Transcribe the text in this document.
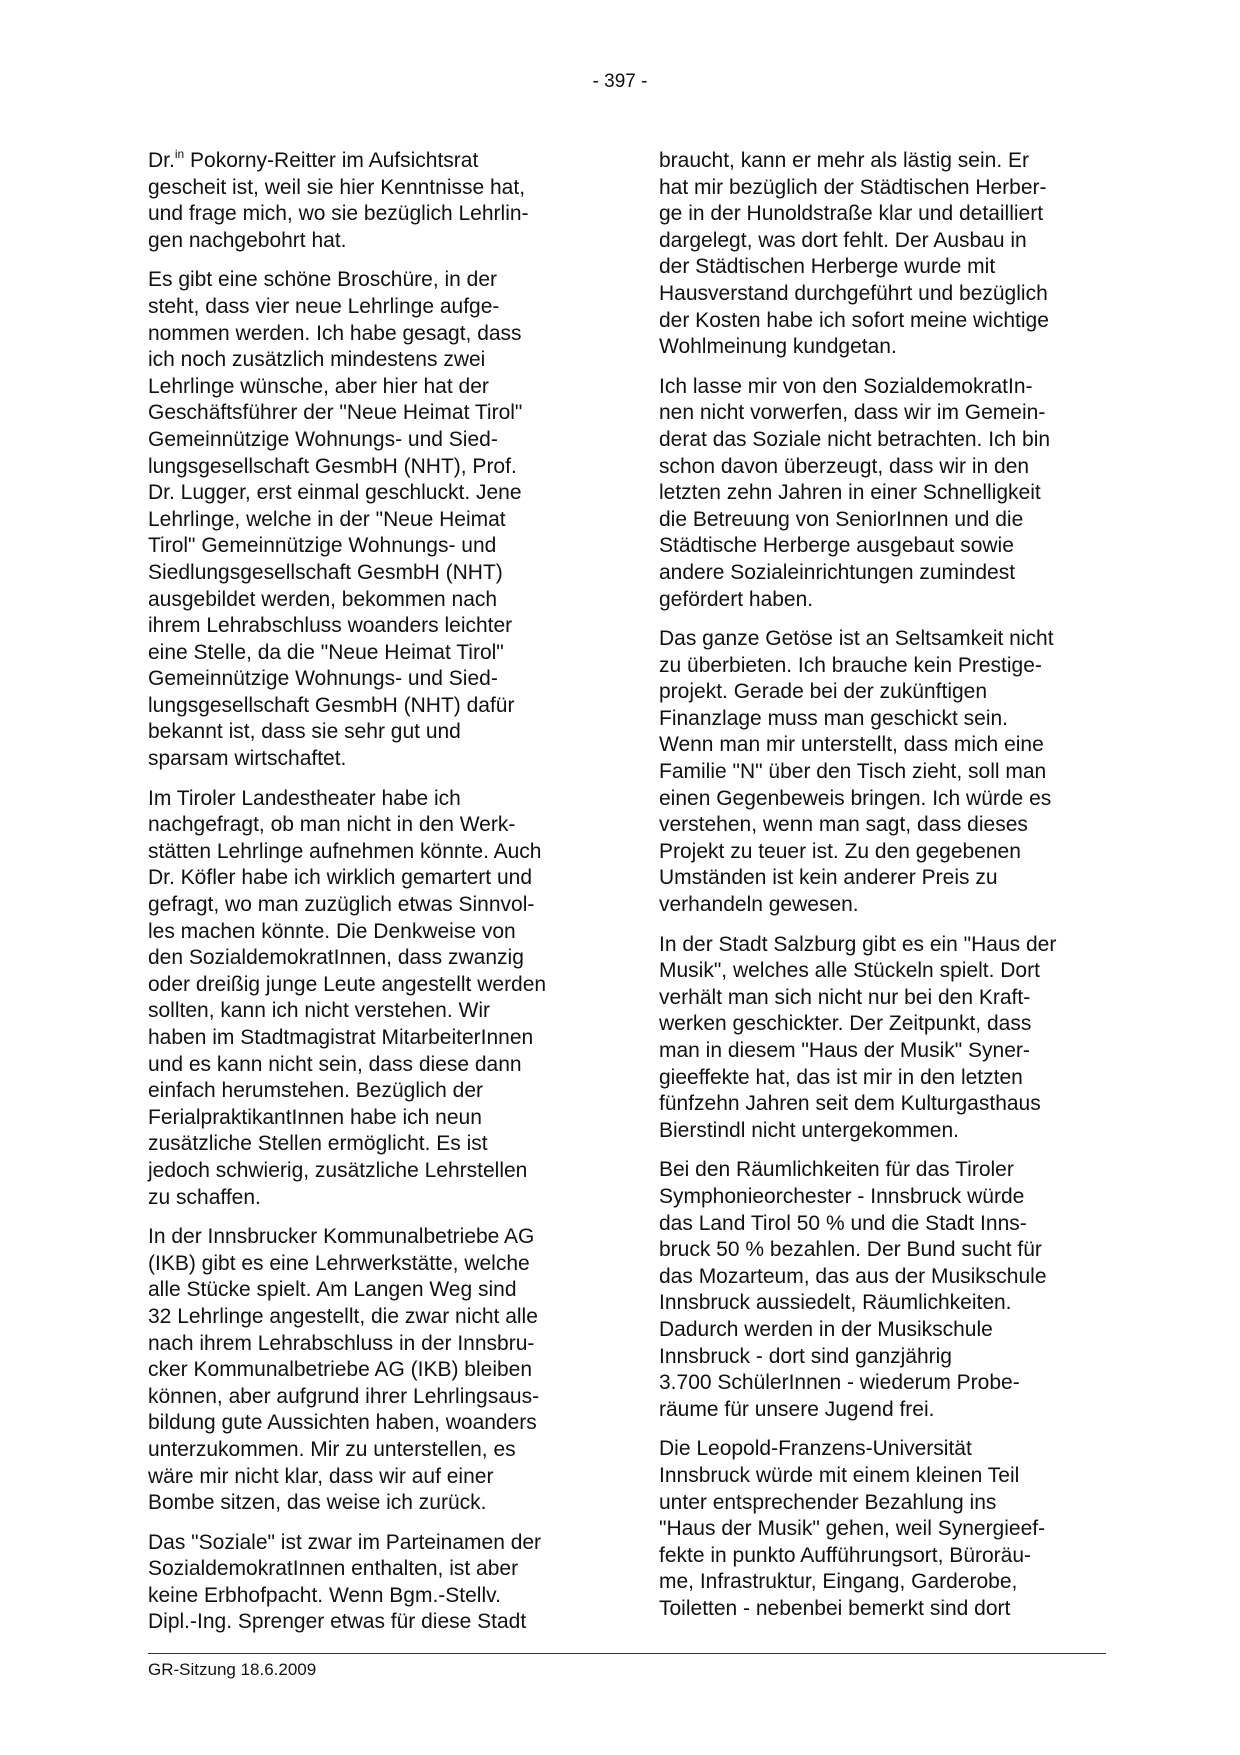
- 397 -
Dr.$^{in}$ Pokorny-Reitter im Aufsichtsrat
gescheit ist, weil sie hier Kenntnisse hat,
und frage mich, wo sie bezüglich Lehrlin-
gen nachgebohrt hat.
Es gibt eine schöne Broschüre, in der
steht, dass vier neue Lehrlinge aufge-
nommen werden. Ich habe gesagt, dass
ich noch zusätzlich mindestens zwei
Lehrlinge wünsche, aber hier hat der
Geschäftsführer der "Neue Heimat Tirol"
Gemeinnützige Wohnungs- und Sied-
lungsgesellschaft GesmbH (NHT), Prof.
Dr. Lugger, erst einmal geschluckt. Jene
Lehrlinge, welche in der "Neue Heimat
Tirol" Gemeinnützige Wohnungs- und
Siedlungsgesellschaft GesmbH (NHT)
ausgebildet werden, bekommen nach
ihrem Lehrabschluss woanders leichter
eine Stelle, da die "Neue Heimat Tirol"
Gemeinnützige Wohnungs- und Sied-
lungsgesellschaft GesmbH (NHT) dafür
bekannt ist, dass sie sehr gut und
sparsam wirtschaftet.
Im Tiroler Landestheater habe ich
nachgefragt, ob man nicht in den Werk-
stätten Lehrlinge aufnehmen könnte. Auch
Dr. Köfler habe ich wirklich gemartert und
gefragt, wo man zuzüglich etwas Sinnvol-
les machen könnte. Die Denkweise von
den SozialdemokratInnen, dass zwanzig
oder dreißig junge Leute angestellt werden
sollten, kann ich nicht verstehen. Wir
haben im Stadtmagistrat MitarbeiterInnen
und es kann nicht sein, dass diese dann
einfach herumstehen. Bezüglich der
FerialpraktikantInnen habe ich neun
zusätzliche Stellen ermöglicht. Es ist
jedoch schwierig, zusätzliche Lehrstellen
zu schaffen.
In der Innsbrucker Kommunalbetriebe AG
(IKB) gibt es eine Lehrwerkstätte, welche
alle Stücke spielt. Am Langen Weg sind
32 Lehrlinge angestellt, die zwar nicht alle
nach ihrem Lehrabschluss in der Innsbru-
cker Kommunalbetriebe AG (IKB) bleiben
können, aber aufgrund ihrer Lehrlingsaus-
bildung gute Aussichten haben, woanders
unterzukommen. Mir zu unterstellen, es
wäre mir nicht klar, dass wir auf einer
Bombe sitzen, das weise ich zurück.
Das "Soziale" ist zwar im Parteinamen der
SozialdemokratInnen enthalten, ist aber
keine Erbhofpacht. Wenn Bgm.-Stellv.
Dipl.-Ing. Sprenger etwas für diese Stadt
braucht, kann er mehr als lästig sein. Er
hat mir bezüglich der Städtischen Herber-
ge in der Hunoldstraße klar und detailliert
dargelegt, was dort fehlt. Der Ausbau in
der Städtischen Herberge wurde mit
Hausverstand durchgeführt und bezüglich
der Kosten habe ich sofort meine wichtige
Wohlmeinung kundgetan.
Ich lasse mir von den SozialdemokratIn-
nen nicht vorwerfen, dass wir im Gemein-
derat das Soziale nicht betrachten. Ich bin
schon davon überzeugt, dass wir in den
letzten zehn Jahren in einer Schnelligkeit
die Betreuung von SeniorInnen und die
Städtische Herberge ausgebaut sowie
andere Sozialeinrichtungen zumindest
gefördert haben.
Das ganze Getöse ist an Seltsamkeit nicht
zu überbieten. Ich brauche kein Prestige-
projekt. Gerade bei der zukünftigen
Finanzlage muss man geschickt sein.
Wenn man mir unterstellt, dass mich eine
Familie "N" über den Tisch zieht, soll man
einen Gegenbeweis bringen. Ich würde es
verstehen, wenn man sagt, dass dieses
Projekt zu teuer ist. Zu den gegebenen
Umständen ist kein anderer Preis zu
verhandeln gewesen.
In der Stadt Salzburg gibt es ein "Haus der
Musik", welches alle Stückeln spielt. Dort
verhält man sich nicht nur bei den Kraft-
werken geschickter. Der Zeitpunkt, dass
man in diesem "Haus der Musik" Syner-
gieeffekte hat, das ist mir in den letzten
fünfzehn Jahren seit dem Kulturgasthaus
Bierstindl nicht untergekommen.
Bei den Räumlichkeiten für das Tiroler
Symphonieorchester - Innsbruck würde
das Land Tirol 50 % und die Stadt Inns-
bruck 50 % bezahlen. Der Bund sucht für
das Mozarteum, das aus der Musikschule
Innsbruck aussiedelt, Räumlichkeiten.
Dadurch werden in der Musikschule
Innsbruck - dort sind ganzjährig
3.700 SchülerInnen - wiederum Probe-
räume für unsere Jugend frei.
Die Leopold-Franzens-Universität
Innsbruck würde mit einem kleinen Teil
unter entsprechender Bezahlung ins
"Haus der Musik" gehen, weil Synergieef-
fekte in punkto Aufführungsort, Büroräu-
me, Infrastruktur, Eingang, Garderobe,
Toiletten - nebenbei bemerkt sind dort
GR-Sitzung 18.6.2009
